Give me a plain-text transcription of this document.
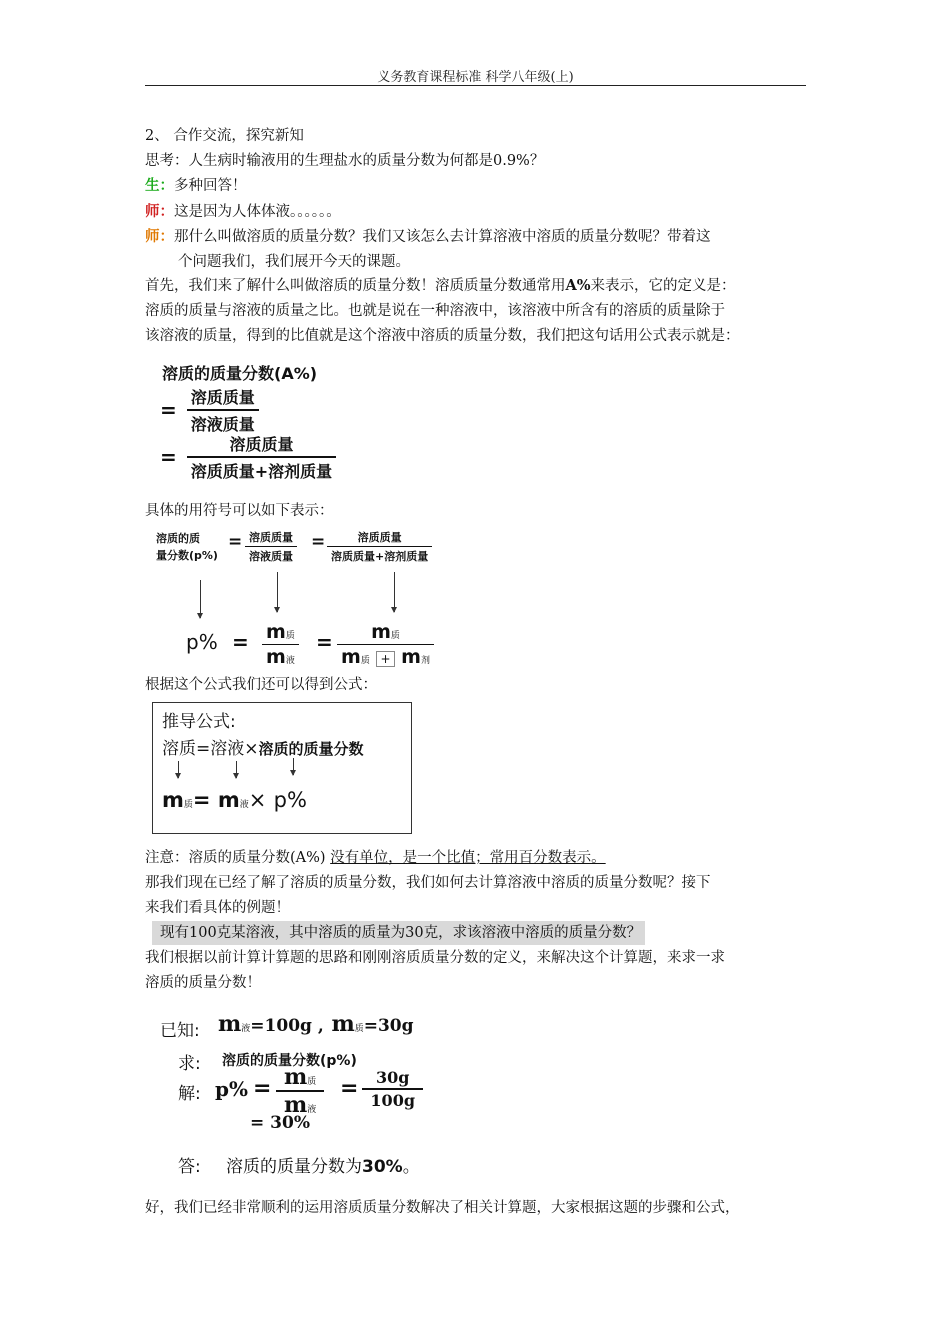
义务教育课程标准 科学八年级(上)
2、 合作交流，探究新知
思考：人生病时输液用的生理盐水的质量分数为何都是0.9%？
生：多种回答！
师：这是因为人体体液。。。。。。
师：那什么叫做溶质的质量分数？我们又该怎么去计算溶液中溶质的质量分数呢？带着这
个问题我们，我们展开今天的课题。
首先，我们来了解什么叫做溶质的质量分数！溶质质量分数通常用A%来表示，它的定义是：
溶质的质量与溶液的质量之比。也就是说在一种溶液中，该溶液中所含有的溶质的质量除于
该溶液的质量，得到的比值就是这个溶液中溶质的质量分数，我们把这句话用公式表示就是：
溶质的质量分数(A%)
= $\frac{\text{溶质质量}}{\text{溶液质量}}$
= $\frac{\text{溶质质量}}{\text{溶质质量+溶剂质量}}$
具体的用符号可以如下表示：
溶质的质
量分数(p%)
= $\frac{\text{溶质质量}}{\text{溶液质量}} = \frac{\text{溶质质量}}{\text{溶质质量+溶剂质量}}$
$p\% = \frac{\text{m质}}{\text{m液}} = \frac{\text{m质}}{\text{m质 + m剂}}$
根据这个公式我们还可以得到公式：
推导公式:
溶质=溶液×溶质的质量分数
m质= m液× p%
注意：溶质的质量分数(A%) 没有单位，是一个比值；常用百分数表示。
那我们现在已经了解了溶质的质量分数，我们如何去计算溶液中溶质的质量分数呢？接下
来我们看具体的例题！
现有100克某溶液，其中溶质的质量为30克，求该溶液中溶质的质量分数？
我们根据以前计算计算题的思路和刚刚溶质质量分数的定义，来解决这个计算题，来求一求
溶质的质量分数！
已知: m液=100g , m质=30g
求: 溶质的质量分数(p%)
解: $p\% = \frac{\text{m质}}{\text{m液}} = \frac{30g}{100g}$
= 30%
答: 溶质的质量分数为30%。
好，我们已经非常顺利的运用溶质质量分数解决了相关计算题，大家根据这题的步骤和公式，
